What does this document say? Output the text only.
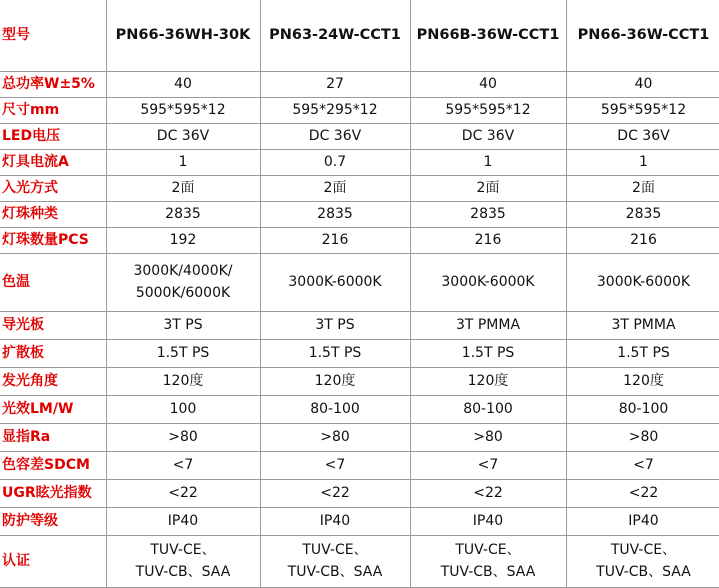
型号	PN66-36WH-30K	PN63-24W-CCT1	PN66B-36W-CCT1	PN66-36W-CCT1
总功率W±5%	40	27	40	40

尺寸mm	595*595*12	595*295*12	595*595*12	595*595*12

LED电压	DC 36V	DC 36V	DC 36V	DC 36V

灯具电流A	1	0.7	1	1

入光方式	2面	2面	2面	2面

灯珠种类	2835	2835	2835	2835

灯珠数量PCS	192	216	216	216

色温	3000K/4000K/
5000K/6000K	3000K-6000K	3000K-6000K	3000K-6000K

导光板	3T PS	3T PS	3T PMMA	3T PMMA

扩散板	1.5T PS	1.5T PS	1.5T PS	1.5T PS

发光角度	120度	120度	120度	120度

光效LM/W	100	80-100	80-100	80-100

显指Ra	>80	>80	>80	>80

色容差SDCM	<7	<7	<7	<7

UGR眩光指数	<22	<22	<22	<22

防护等级	IP40	IP40	IP40	IP40

认证	TUV-CE、
TUV-CB、SAA	TUV-CE、
TUV-CB、SAA	TUV-CE、
TUV-CB、SAA	TUV-CE、
TUV-CB、SAA
